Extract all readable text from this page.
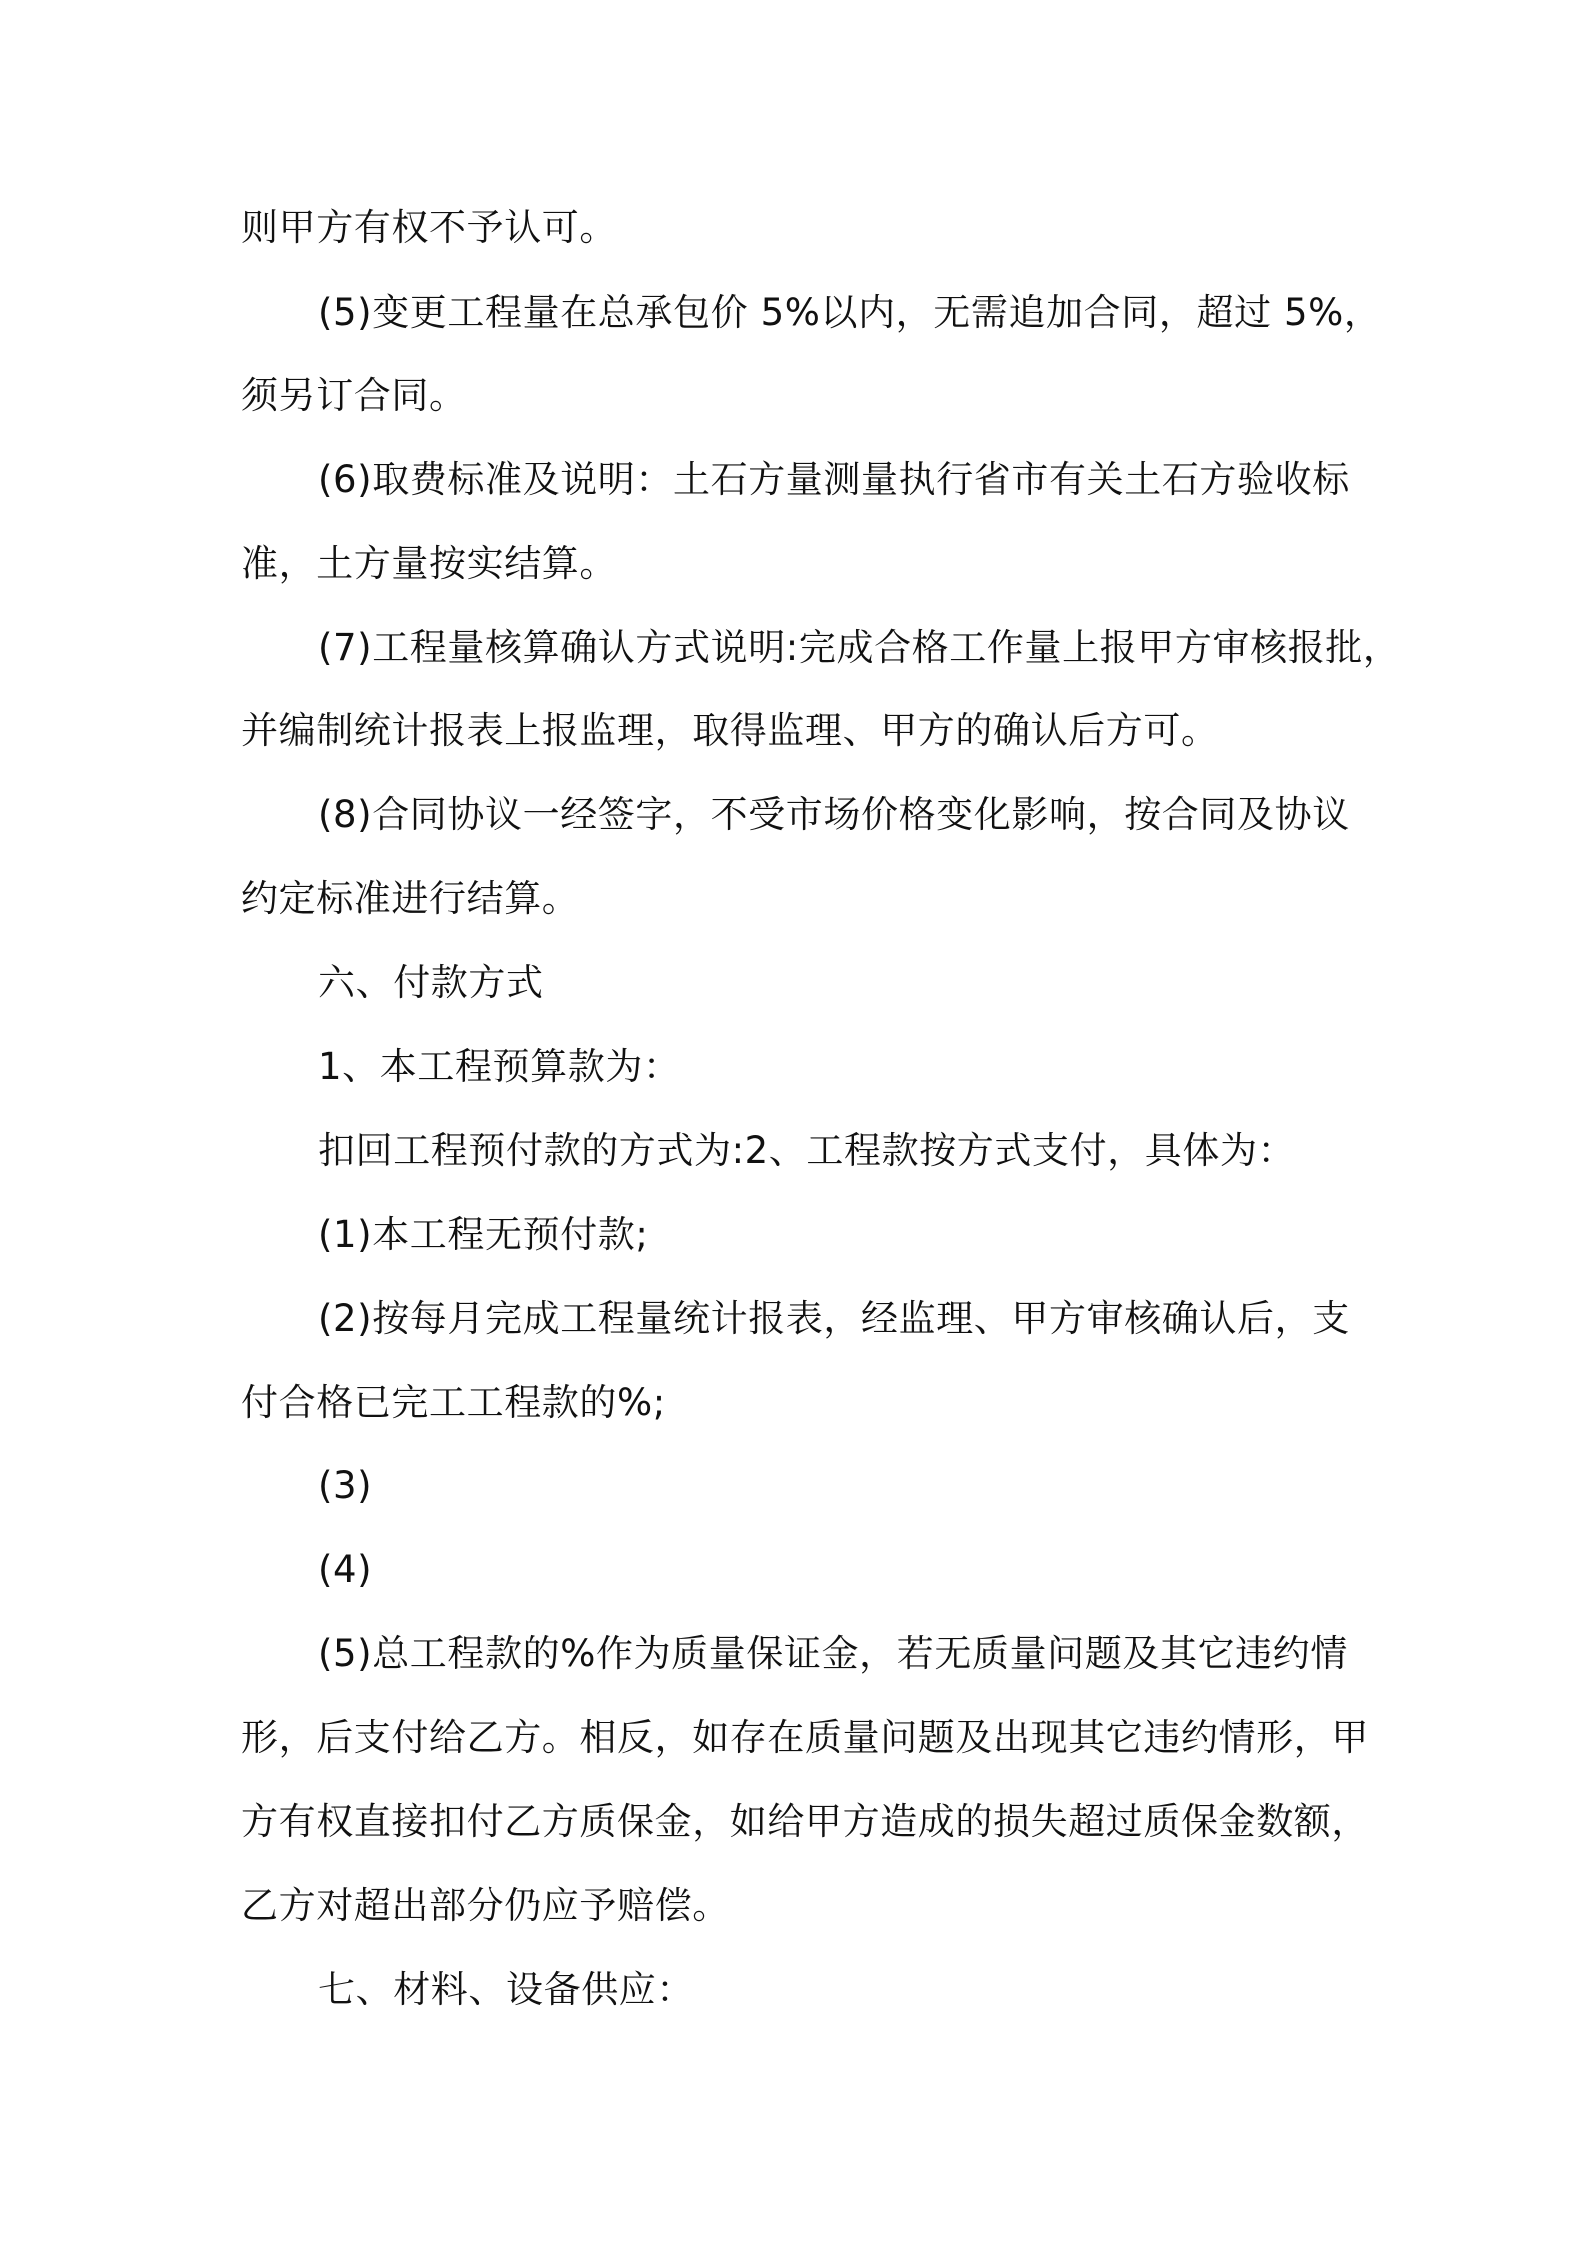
则甲方有权不予认可。
(5)变更工程量在总承包价 5%以内，无需追加合同，超过 5%，
须另订合同。
(6)取费标准及说明：土石方量测量执行省市有关土石方验收标
准，土方量按实结算。
(7)工程量核算确认方式说明:完成合格工作量上报甲方审核报批，
并编制统计报表上报监理，取得监理、甲方的确认后方可。
(8)合同协议一经签字，不受市场价格变化影响，按合同及协议
约定标准进行结算。
六、付款方式
1、本工程预算款为：
扣回工程预付款的方式为:2、工程款按方式支付，具体为：
(1)本工程无预付款;
(2)按每月完成工程量统计报表，经监理、甲方审核确认后，支
付合格已完工工程款的%;
(3)
(4)
(5)总工程款的%作为质量保证金，若无质量问题及其它违约情
形，后支付给乙方。相反，如存在质量问题及出现其它违约情形，甲
方有权直接扣付乙方质保金，如给甲方造成的损失超过质保金数额，
乙方对超出部分仍应予赔偿。
七、材料、设备供应：
